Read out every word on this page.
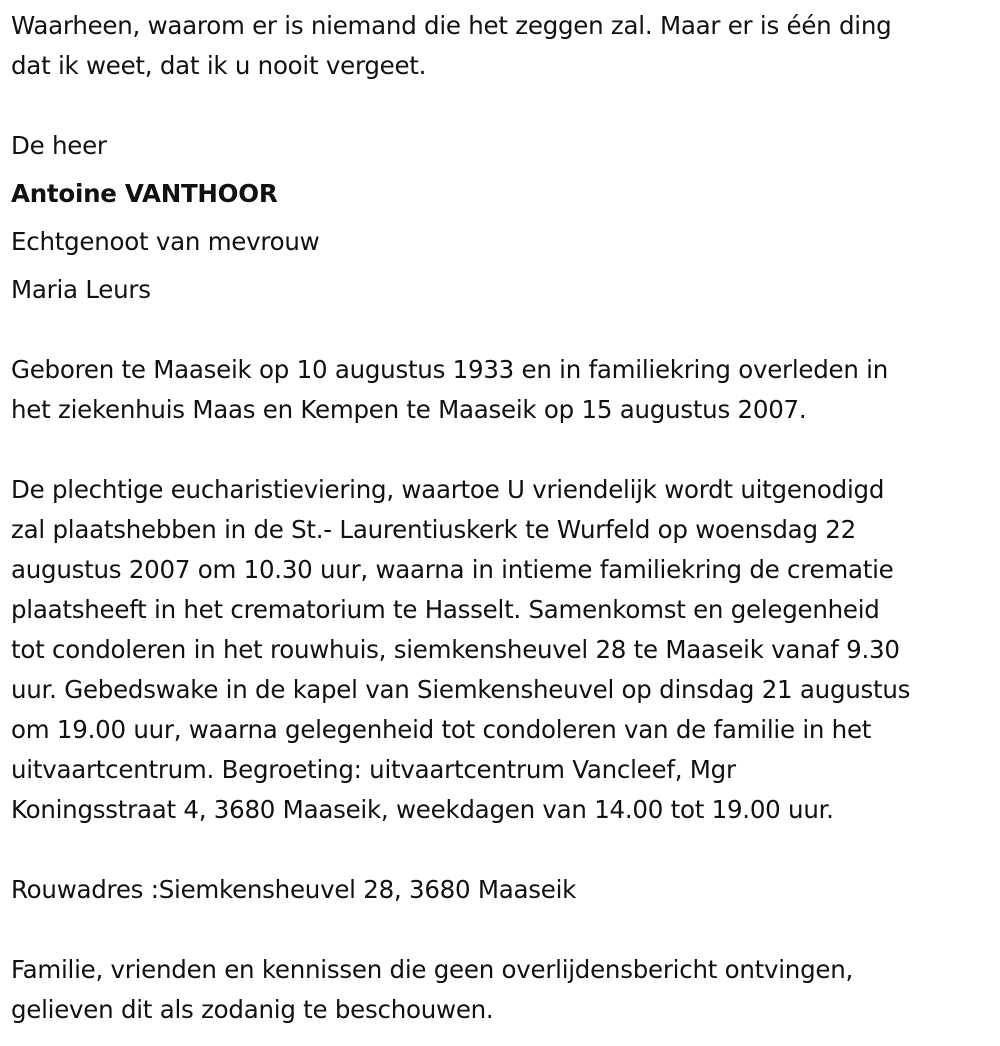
Waarheen, waarom er is niemand die het zeggen zal. Maar er is één ding
dat ik weet, dat ik u nooit vergeet.
De heer
Antoine VANTHOOR
Echtgenoot van mevrouw
Maria Leurs
Geboren te Maaseik op 10 augustus 1933 en in familiekring overleden in
het ziekenhuis Maas en Kempen te Maaseik op 15 augustus 2007.
De plechtige eucharistieviering, waartoe U vriendelijk wordt uitgenodigd
zal plaatshebben in de St.- Laurentiuskerk te Wurfeld op woensdag 22
augustus 2007 om 10.30 uur, waarna in intieme familiekring de crematie
plaatsheeft in het crematorium te Hasselt. Samenkomst en gelegenheid
tot condoleren in het rouwhuis, siemkensheuvel 28 te Maaseik vanaf 9.30
uur. Gebedswake in de kapel van Siemkensheuvel op dinsdag 21 augustus
om 19.00 uur, waarna gelegenheid tot condoleren van de familie in het
uitvaartcentrum. Begroeting: uitvaartcentrum Vancleef, Mgr
Koningsstraat 4, 3680 Maaseik, weekdagen van 14.00 tot 19.00 uur.
Rouwadres :Siemkensheuvel 28, 3680 Maaseik
Familie, vrienden en kennissen die geen overlijdensbericht ontvingen,
gelieven dit als zodanig te beschouwen.
